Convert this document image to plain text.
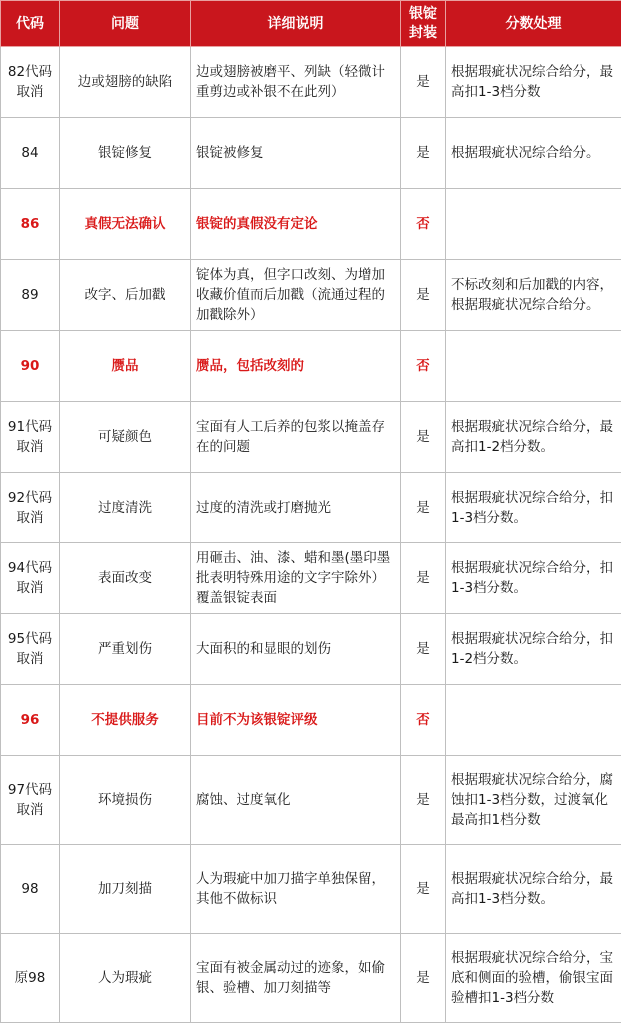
代码	问题	详细说明	银锭封装	分数处理
82代码取消	边或翅膀的缺陷	边或翅膀被磨平、列缺（轻微计重剪边或补银不在此列）	是	根据瑕疵状况综合给分，最高扣1-3档分数
84	银锭修复	银锭被修复	是	根据瑕疵状况综合给分。
86	真假无法确认	银锭的真假没有定论	否	
89	改字、后加戳	锭体为真，但字口改刻、为增加收藏价值而后加戳（流通过程的加戳除外）	是	不标改刻和后加戳的内容，根据瑕疵状况综合给分。
90	赝品	赝品，包括改刻的	否	
91代码取消	可疑颜色	宝面有人工后养的包浆以掩盖存在的问题	是	根据瑕疵状况综合给分，最高扣1-2档分数。
92代码取消	过度清洗	过度的清洗或打磨抛光	是	根据瑕疵状况综合给分，扣1-3档分数。
94代码取消	表面改变	用砸击、油、漆、蜡和墨(墨印墨批表明特殊用途的文字宇除外）覆盖银锭表面	是	根据瑕疵状况综合给分，扣1-3档分数。
95代码取消	严重划伤	大面积的和显眼的划伤	是	根据瑕疵状况综合给分，扣1-2档分数。
96	不提供服务	目前不为该银锭评级	否	
97代码取消	环境损伤	腐蚀、过度氧化	是	根据瑕疵状况综合给分，腐蚀扣1-3档分数，过渡氧化最高扣1档分数
98	加刀刻描	人为瑕疵中加刀描字单独保留，其他不做标识	是	根据瑕疵状况综合给分，最高扣1-3档分数。
原98	人为瑕疵	宝面有被金属动过的迹象，如偷银、验槽、加刀刻描等	是	根据瑕疵状况综合给分，宝底和侧面的验槽，偷银宝面验槽扣1-3档分数
